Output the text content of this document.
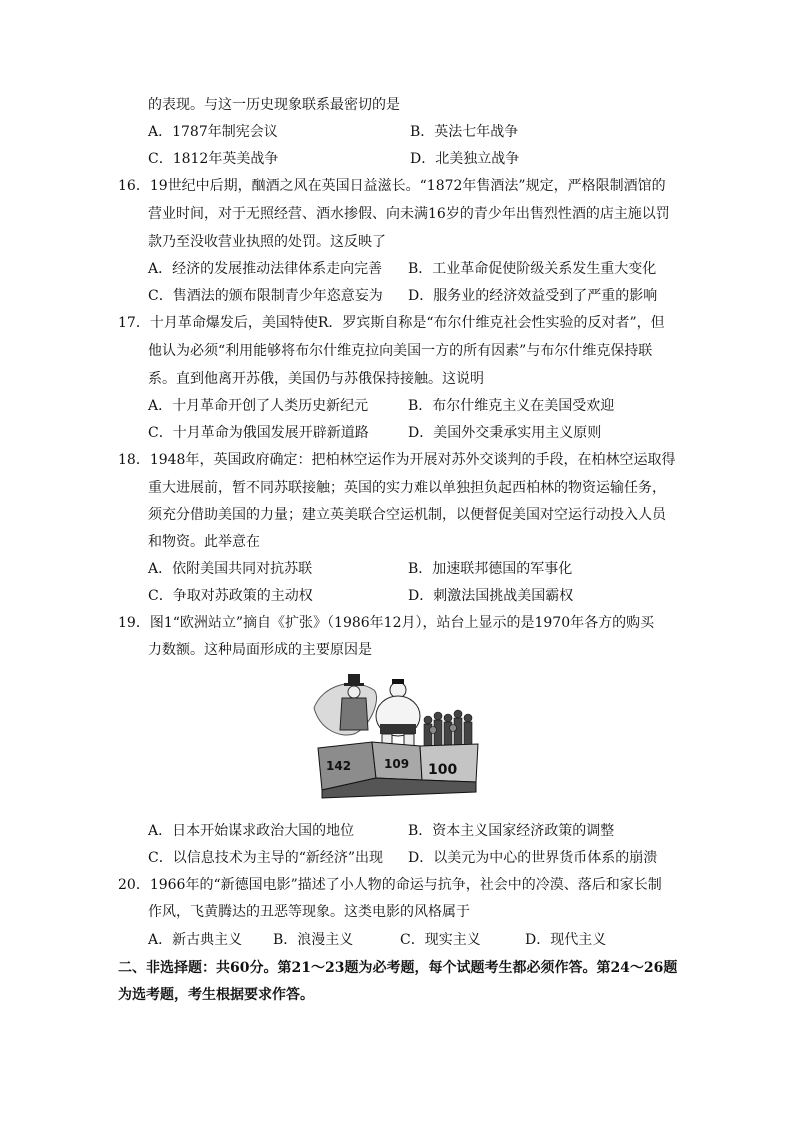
的表现。与这一历史现象联系最密切的是
A．1787年制宪会议	B．英法七年战争
C．1812年英美战争	D．北美独立战争
16．19世纪中后期，酗酒之风在英国日益滋长。“1872年售酒法”规定，严格限制酒馆的
营业时间，对于无照经营、酒水掺假、向未满16岁的青少年出售烈性酒的店主施以罚
款乃至没收营业执照的处罚。这反映了
A．经济的发展推动法律体系走向完善 B．工业革命促使阶级关系发生重大变化
C．售酒法的颁布限制青少年恣意妄为 D．服务业的经济效益受到了严重的影响
17．十月革命爆发后，美国特使R．罗宾斯自称是“布尔什维克社会性实验的反对者”，但
他认为必须“利用能够将布尔什维克拉向美国一方的所有因素”与布尔什维克保持联
系。直到他离开苏俄，美国仍与苏俄保持接触。这说明
A．十月革命开创了人类历史新纪元	B．布尔什维克主义在美国受欢迎
C．十月革命为俄国发展开辟新道路	D．美国外交秉承实用主义原则
18．1948年，英国政府确定：把柏林空运作为开展对苏外交谈判的手段，在柏林空运取得
重大进展前，暂不同苏联接触；英国的实力难以单独担负起西柏林的物资运输任务，
须充分借助美国的力量；建立英美联合空运机制，以便督促美国对空运行动投入人员
和物资。此举意在
A．依附美国共同对抗苏联	B．加速联邦德国的军事化
C．争取对苏政策的主动权	D．刺激法国挑战美国霸权
19．图1“欧洲站立”摘自《扩张》（1986年12月），站台上显示的是1970年各方的购买
力数额。这种局面形成的主要原因是
142	109 100
A．日本开始谋求政治大国的地位	B．资本主义国家经济政策的调整
C．以信息技术为主导的“新经济”出现 D．以美元为中心的世界货币体系的崩溃
20．1966年的“新德国电影”描述了小人物的命运与抗争，社会中的冷漠、落后和家长制
作风，飞黄腾达的丑恶等现象。这类电影的风格属于
A．新古典主义 B．浪漫主义	C．现实主义	D．现代主义
二、非选择题：共60分。第21～23题为必考题，每个试题考生都必须作答。第24～26题
为选考题，考生根据要求作答。
